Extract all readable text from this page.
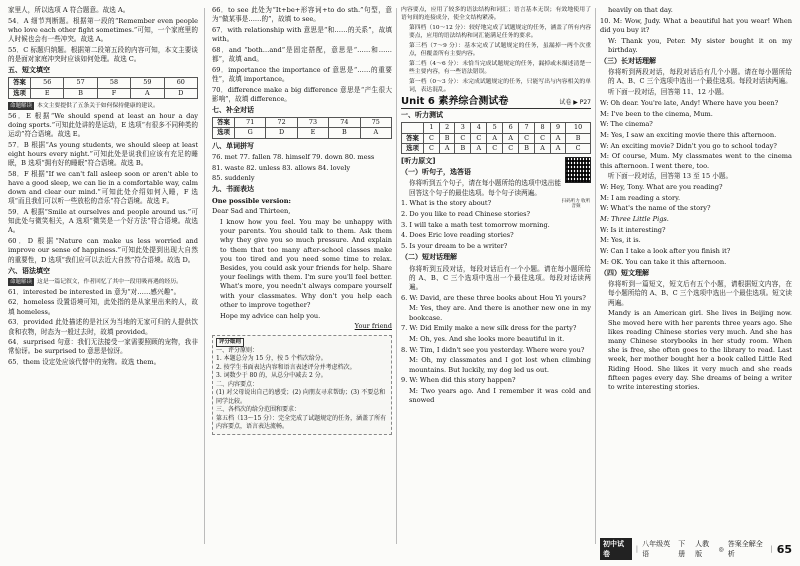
家里人，所以选项 A 符合题意。故选 A。

54．A 细节判断题。根据第一段的“Remember even people who love each other fight sometimes.”可知，一个家庭里的人时候也会有一些冲突。故选 A。

55．C 标题归纳题。根据第二段第五段的内容可知，本文主要谈的是面对家庭冲突时应该如何处理。故选 C。

五、短文填空
答案	56	57	58	59	60
选项	E	B	F	A	D

命题解读 本文主要提供了五条关于如何保持健康的建议。

56．E 根据“We should spend at least an hour a day doing sports.”可知此处讲的是运动，E 选项“有很多不同种类的运动”符合语境。故选 E。

57．B 根据“As young students, we should sleep at least eight hours every night.”可知此处是说我们应该有充足的睡眠，B 选项“拥有好的睡眠”符合语境。故选 B。

58．F 根据“If we can't fall asleep soon or aren't able to have a good sleep, we can lie in a comfortable way, calm down and clear our mind.”可知此处介绍如何入睡，F 选项“而且我们可以听一些放松的音乐”符合语境。故选 F。

59．A 根据“Smile at ourselves and people around us.”可知此处与微笑相关，A 选项“微笑是一个好方法”符合语境。故选 A。

60．D 根据“Nature can make us less worried and improve our sense of happiness.”可知此处提到出现大自然的重要性，D 选项“我们应可以去近大自然”符合语境。故选 D。

六、语法填空

命题解读 这是一篇记叙文，作者回忆了其中一段用吸再遇的经历。

61．interested be interested in 意为“对……感兴趣”。

62．homeless 设置语境可知，此处指的是从家里出来的人，故填 homeless。

63．provided 此处描述的是社区为当地的无家可归的人提供饮食和衣物，时态为一般过去时，故填 provided。

64．surprised 句意：我们无法接受一家需要照顾的宠物，我非常惊讶。be surprised to 意思是惊讶。

65．them 设定处应该代替中的宠物。故选 them。

66．to see 此处为“It+be+形容词+to do sth.”句型，意为“做某事是……的”，故填 to see。

67．with relationship with 意思是“和……的关系”，故填 with。

68．and “both…and”是固定搭配，意思是“……和……都”，故填 and。

69．importance the importance of 意思是“……的重要性”，故填 importance。

70．difference make a big difference 意思是“产生很大影响”，故填 difference。

七、补全对话
答案	71	72	73	74	75
选项	G	D	E	B	A
八、单词拼写

76. met 77. fallen 78. himself 79. down 80. mess

81. waste 82. unless 83. allows 84. lovely

85. suddenly

九、书面表达

One possible version:

Dear Sad and Thirteen,

I know how you feel. You may be unhappy with your parents. You should talk to them. Ask them why they give you so much pressure. And explain to them that too many after-school classes make you too tired and you need some time to relax. Besides, you could ask your friends for help. Share your feelings with them. I'm sure you'll feel better. What's more, you needn't always compare yourself with your classmates. Why don't you help each other to improve together?

Hope my advice can help you.

Your friend

评分细则
一、评分原则：
1. 本题总分为 15 分，按 5 个档次给分。
2. 按学生书面表达内容和语言表述评分并考虑档次。
3. 词数少于 80 的，从总分中减去 2 分。
二、内容要点：
(1) 对父母说出自己的感受；(2) 向朋友寻求帮助；(3) 不要总和同学比较。
三、各档次的给分范围和要求：
第五档（13～15 分）：完全完成了试题规定的任务，涵盖了所有内容要点，语言表达流畅。

内容要点，应用了较多的语法结构和词汇；语言基本无误；有效地使用了语句间的连接成分，使全文结构紧凑。

第四档（10～12 分）：较好地完成了试题规定的任务，涵盖了所有内容要点，应用的语法结构和词汇能满足任务的要求。

第三档（7～9 分）：基本完成了试题规定的任务，虽漏掉一两个次重点，但覆盖所有主要内容。

第二档（4～6 分）：未恰当完成试题规定的任务，漏掉或未描述清楚一些主要内容，有一些语法错误。

第一档（0～3 分）：未完成试题规定的任务，只能写出与内容相关的单词，表达混乱。

Unit 6 素养综合测试卷	试卷 ▶ P27
一、听力测试
	1	2	3	4	5	6	7	8	9	10
答案	C	B	C	C	A	A	C	C	A	B
选项	C	A	B	A	C	C	B	A	A	C
[听力原文]
（一）听句子，选答语

你将听到五个句子，请在每小题所给的选项中选出能回答这个句子的最佳选项。每个句子读两遍。

扫码听力 收听音频

1. What is the story about?

2. Do you like to read Chinese stories?

3. I will take a math test tomorrow morning.

4. Does Eric love reading stories?

5. Is your dream to be a writer?

（二）短对话理解

你将听到五段对话，每段对话后有一个小题。请在每小题所给的 A、B、C 三个选项中选出一个最佳选项。每段对话读两遍。

6. W: David, are these three books about Hou Yi yours?

M: Yes, they are. And there is another new one in my bookcase.

7. W: Did Emily make a new silk dress for the party?

M: Oh, yes. And she looks more beautiful in it.

8. W: Tim, I didn't see you yesterday. Where were you?

M: Oh, my classmates and I got lost when climbing mountains. But luckily, my dog led us out.

9. W: When did this story happen?

M: Two years ago. And I remember it was cold and snowed

heavily on that day.

10. M: Wow, Judy. What a beautiful hat you wear! When did you buy it?

W: Thank you, Peter. My sister bought it on my birthday.

（三）长对话理解

你将听到两段对话，每段对话后有几个小题。请在每小题所给的 A、B、C 三个选项中选出一个最佳选项。每段对话读两遍。

听下面一段对话，回答第 11、12 小题。

W: Oh dear. You're late, Andy! Where have you been?

M: I've been to the cinema, Mum.

W: The cinema?

M: Yes, I saw an exciting movie there this afternoon.

W: An exciting movie? Didn't you go to school today?

M: Of course, Mum. My classmates went to the cinema this afternoon. I went there, too.

听下面一段对话，回答第 13 至 15 小题。

W: Hey, Tony. What are you reading?

M: I am reading a story.

W: What's the name of the story?

M: Three Little Pigs.

W: Is it interesting?

M: Yes, it is.

W: Can I take a look after you finish it?

M: OK. You can take it this afternoon.

（四）短文理解

你将听到一篇短文，短文后有五个小题，请根据短文内容，在每小题所给的 A、B、C 三个选项中选出一个最佳选项。短文读两遍。

Mandy is an American girl. She lives in Beijing now. She moved here with her parents three years ago. She likes reading Chinese stories very much. And she has many Chinese storybooks in her study room. When she is free, she often goes to the library to read. Last week, her mother bought her a book called Little Red Riding Hood. She likes it very much and she reads fifteen pages every day. She dreams of being a writer to write interesting stories.

初中试卷
|
八年级英语
下册
人教版
◎
答案全解全析
| 65
